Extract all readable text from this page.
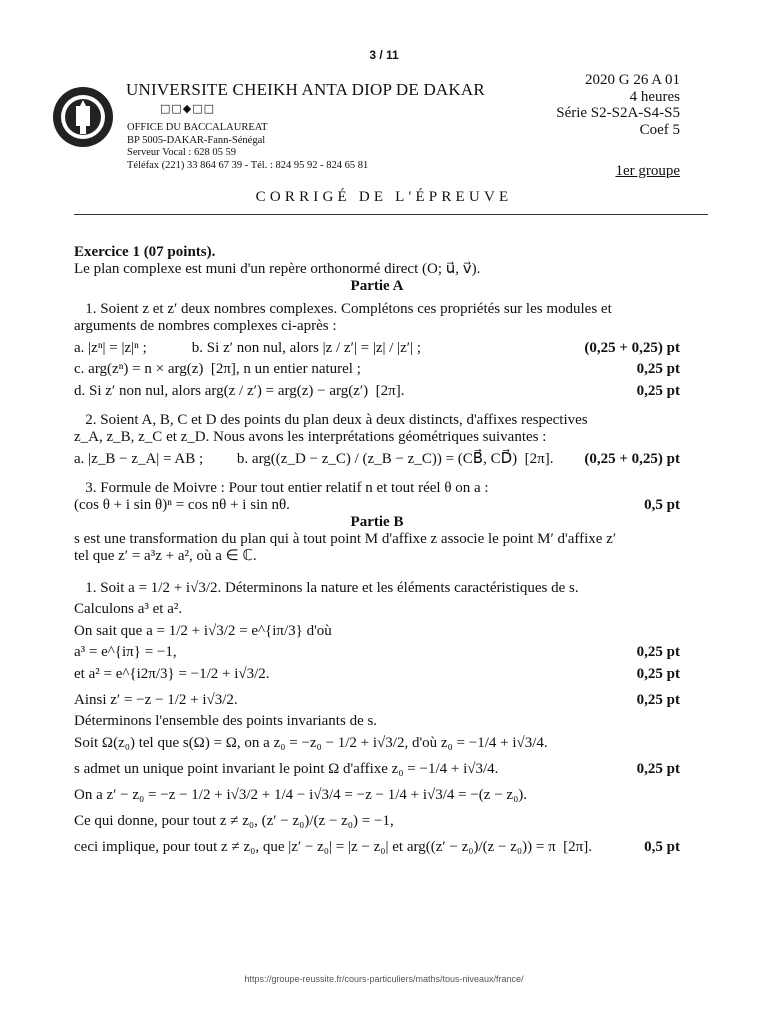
3 / 11
UNIVERSITE CHEIKH ANTA DIOP DE DAKAR
□□◆□□
OFFICE DU BACCALAUREAT
BP 5005-DAKAR-Fann-Sénégal
Serveur Vocal : 628 05 59
Téléfax (221) 33 864 67 39 - Tél. : 824 95 92 - 824 65 81
2020 G 26 A 01
4 heures
Série S2-S2A-S4-S5
Coef 5
1er groupe
CORRIGÉ DE L'ÉPREUVE
Exercice 1 (07 points).
Le plan complexe est muni d'un repère orthonormé direct (O; u⃗, v⃗).
Partie A
1. Soient z et z′ deux nombres complexes. Complétons ces propriétés sur les modules et
arguments de nombres complexes ci-après :
a. |zⁿ| = |z|ⁿ ;            b. Si z′ non nul, alors |z / z′| = |z| / |z′| ;	(0,25 + 0,25) pt
c. arg(zⁿ) = n × arg(z)  [2π], n un entier naturel ;	0,25 pt
d. Si z′ non nul, alors arg(z / z′) = arg(z) − arg(z′)  [2π].	0,25 pt
2. Soient A, B, C et D des points du plan deux à deux distincts, d'affixes respectives
z_A, z_B, z_C et z_D. Nous avons les interprétations géométriques suivantes :
a. |z_B − z_A| = AB ;         b. arg((z_D − z_C) / (z_B − z_C)) = (CB⃗, CD⃗)  [2π]. (0,25 + 0,25) pt
3. Formule de Moivre : Pour tout entier relatif n et tout réel θ on a :
(cos θ + i sin θ)ⁿ = cos nθ + i sin nθ.	0,5 pt
Partie B
s est une transformation du plan qui à tout point M d'affixe z associe le point M′ d'affixe z′
tel que z′ = a³z + a², où a ∈ ℂ.
1. Soit a = 1/2 + i√3/2. Déterminons la nature et les éléments caractéristiques de s.
Calculons a³ et a².
On sait que a = 1/2 + i√3/2 = e^{iπ/3} d'où
a³ = e^{iπ} = −1,	0,25 pt
et a² = e^{i2π/3} = −1/2 + i√3/2.	0,25 pt
Ainsi z′ = −z − 1/2 + i√3/2.	0,25 pt
Déterminons l'ensemble des points invariants de s.
Soit Ω(z₀) tel que s(Ω) = Ω, on a z₀ = −z₀ − 1/2 + i√3/2, d'où z₀ = −1/4 + i√3/4.
s admet un unique point invariant le point Ω d'affixe z₀ = −1/4 + i√3/4.	0,25 pt
On a z′ − z₀ = −z − 1/2 + i√3/2 + 1/4 − i√3/4 = −z − 1/4 + i√3/4 = −(z − z₀).
Ce qui donne, pour tout z ≠ z₀, (z′ − z₀)/(z − z₀) = −1,
ceci implique, pour tout z ≠ z₀, que |z′ − z₀| = |z − z₀| et arg((z′ − z₀)/(z − z₀)) = π  [2π].	0,5 pt
https://groupe-reussite.fr/cours-particuliers/maths/tous-niveaux/france/
